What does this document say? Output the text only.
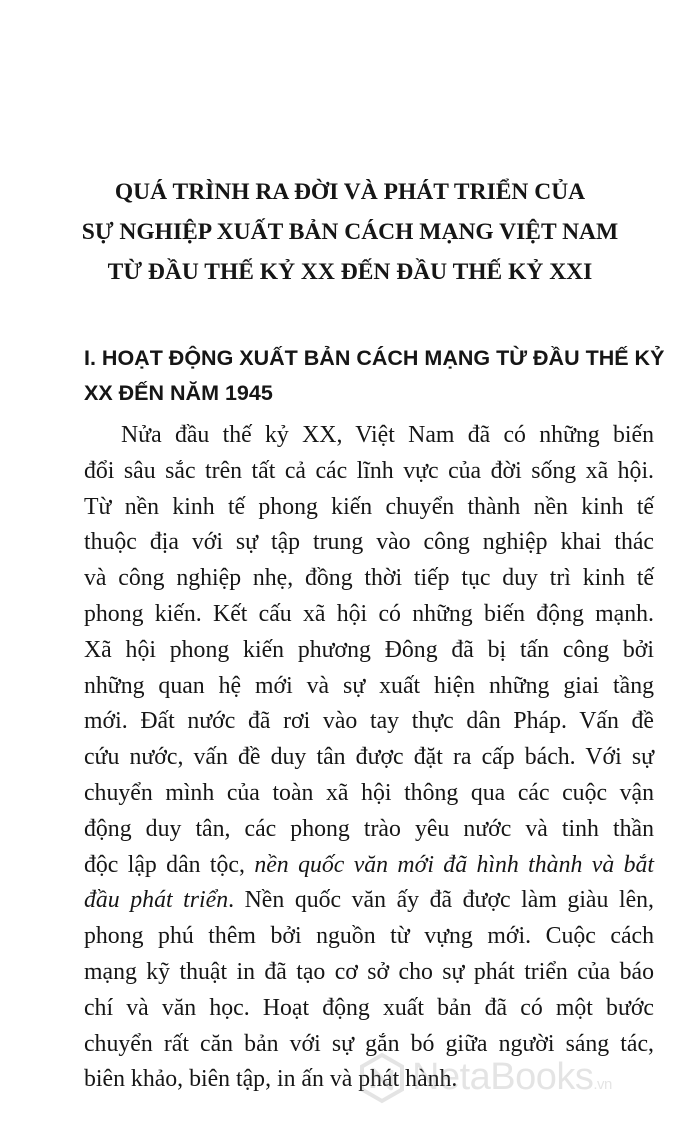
QUÁ TRÌNH RA ĐỜI VÀ PHÁT TRIỂN CỦA
SỰ NGHIỆP XUẤT BẢN CÁCH MẠNG VIỆT NAM
TỪ ĐẦU THẾ KỶ XX ĐẾN ĐẦU THẾ KỶ XXI
I. HOẠT ĐỘNG XUẤT BẢN CÁCH MẠNG TỪ ĐẦU THẾ KỶ
XX ĐẾN NĂM 1945
Nửa đầu thế kỷ XX, Việt Nam đã có những biến
đổi sâu sắc trên tất cả các lĩnh vực của đời sống xã hội.
Từ nền kinh tế phong kiến chuyển thành nền kinh tế
thuộc địa với sự tập trung vào công nghiệp khai thác
và công nghiệp nhẹ, đồng thời tiếp tục duy trì kinh tế
phong kiến. Kết cấu xã hội có những biến động mạnh.
Xã hội phong kiến phương Đông đã bị tấn công bởi
những quan hệ mới và sự xuất hiện những giai tầng
mới. Đất nước đã rơi vào tay thực dân Pháp. Vấn đề
cứu nước, vấn đề duy tân được đặt ra cấp bách. Với sự
chuyển mình của toàn xã hội thông qua các cuộc vận
động duy tân, các phong trào yêu nước và tinh thần
độc lập dân tộc, nền quốc văn mới đã hình thành và bắt
đầu phát triển. Nền quốc văn ấy đã được làm giàu lên,
phong phú thêm bởi nguồn từ vựng mới. Cuộc cách
mạng kỹ thuật in đã tạo cơ sở cho sự phát triển của báo
chí và văn học. Hoạt động xuất bản đã có một bước
chuyển rất căn bản với sự gắn bó giữa người sáng tác,
biên khảo, biên tập, in ấn và phát hành.
NetaBooks.vn
